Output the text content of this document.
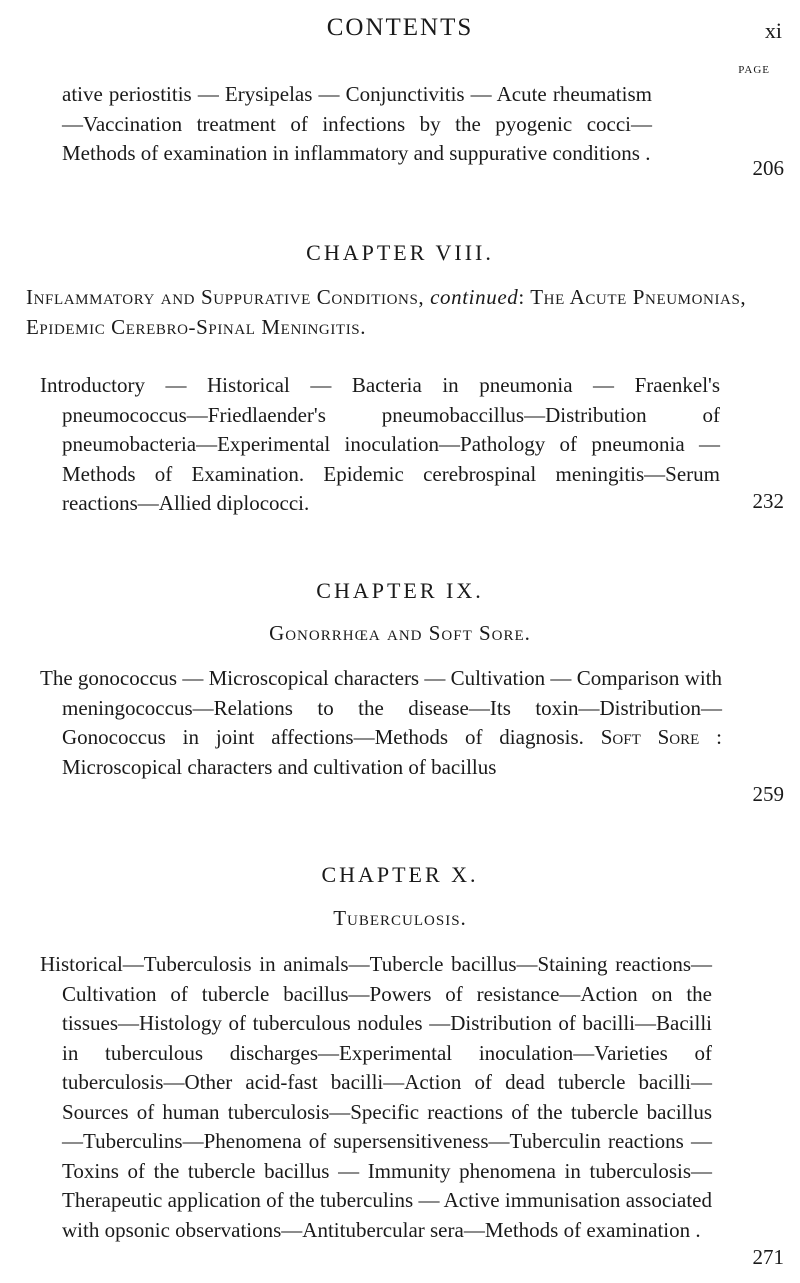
CONTENTS	xi
PAGE
ative periostitis — Erysipelas — Conjunctivitis — Acute rheumatism—Vaccination treatment of infections by the pyogenic cocci—Methods of examination in inflammatory and suppurative conditions .
206
CHAPTER VIII.
Inflammatory and Suppurative Conditions, continued: The Acute Pneumonias, Epidemic Cerebro-Spinal Meningitis.
Introductory — Historical — Bacteria in pneumonia — Fraenkel's pneumococcus—Friedlaender's pneumobaccillus—Distribution of pneumobacteria—Experimental inoculation—Pathology of pneumonia — Methods of Examination. Epidemic cerebrospinal meningitis—Serum reactions—Allied diplococci.	232
CHAPTER IX.
Gonorrhœa and Soft Sore.
The gonococcus — Microscopical characters — Cultivation — Comparison with meningococcus—Relations to the disease—Its toxin—Distribution—Gonococcus in joint affections—Methods of diagnosis. Soft Sore : Microscopical characters and cultivation of bacillus
259
CHAPTER X.
Tuberculosis.
Historical—Tuberculosis in animals—Tubercle bacillus—Staining reactions—Cultivation of tubercle bacillus—Powers of resistance—Action on the tissues—Histology of tuberculous nodules —Distribution of bacilli—Bacilli in tuberculous discharges—Experimental inoculation—Varieties of tuberculosis—Other acid-fast bacilli—Action of dead tubercle bacilli—Sources of human tuberculosis—Specific reactions of the tubercle bacillus —Tuberculins—Phenomena of supersensitiveness—Tuberculin reactions — Toxins of the tubercle bacillus — Immunity phenomena in tuberculosis—Therapeutic application of the tuberculins — Active immunisation associated with opsonic observations—Antitubercular sera—Methods of examination .
271
